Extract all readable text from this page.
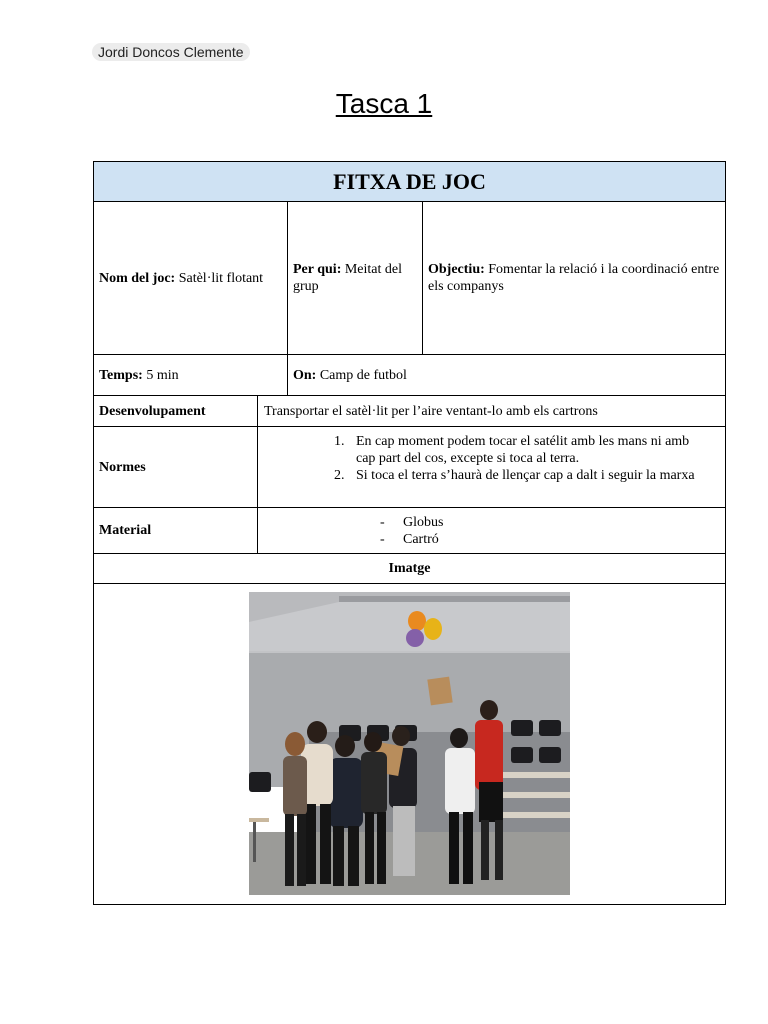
Jordi Doncos Clemente
Tasca 1
FITXA DE JOC
Nom del joc: Satèl·lit flotant
Per qui: Meitat del grup
Objectiu: Fomentar la relació i la coordinació entre els companys
Temps: 5 min	On: Camp de futbol
Desenvolupament	Transportar el satèl·lit per l’aire ventant-lo amb els cartrons
Normes
1. En cap moment podem tocar el satélit amb les mans ni amb cap part del cos, excepte si toca al terra.
2. Si toca el terra s’haurà de llençar cap a dalt i seguir la marxa
Material
- Globus
- Cartró
Imatge
